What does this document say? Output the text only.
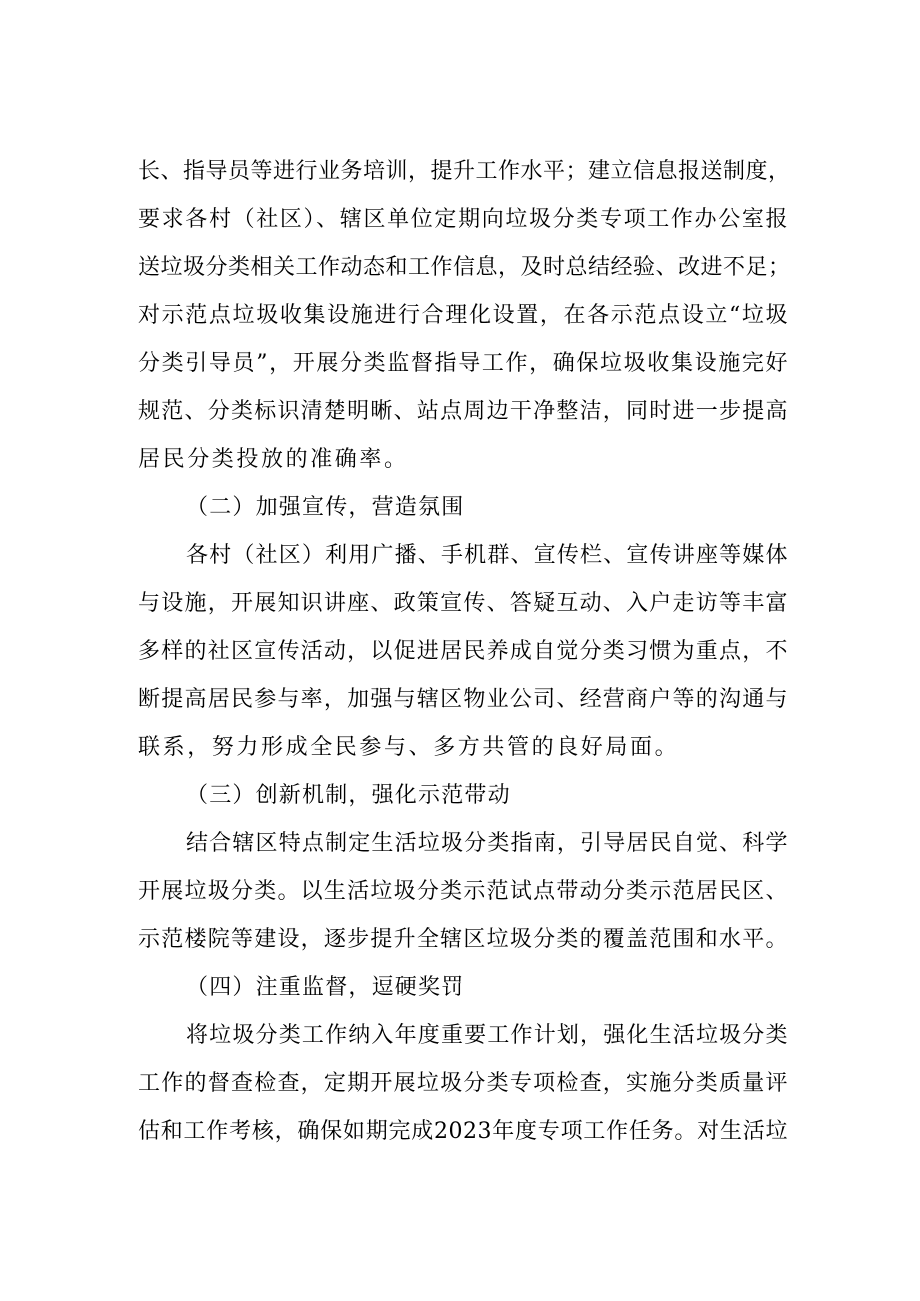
长、指导员等进行业务培训，提升工作水平；建立信息报送制度，
要求各村（社区）、辖区单位定期向垃圾分类专项工作办公室报
送垃圾分类相关工作动态和工作信息，及时总结经验、改进不足；
对示范点垃圾收集设施进行合理化设置，在各示范点设立“垃圾
分类引导员”，开展分类监督指导工作，确保垃圾收集设施完好
规范、分类标识清楚明晰、站点周边干净整洁，同时进一步提高
居民分类投放的准确率。
（二）加强宣传，营造氛围
各村（社区）利用广播、手机群、宣传栏、宣传讲座等媒体
与设施，开展知识讲座、政策宣传、答疑互动、入户走访等丰富
多样的社区宣传活动，以促进居民养成自觉分类习惯为重点，不
断提高居民参与率，加强与辖区物业公司、经营商户等的沟通与
联系，努力形成全民参与、多方共管的良好局面。
（三）创新机制，强化示范带动
结合辖区特点制定生活垃圾分类指南，引导居民自觉、科学
开展垃圾分类。以生活垃圾分类示范试点带动分类示范居民区、
示范楼院等建设，逐步提升全辖区垃圾分类的覆盖范围和水平。
（四）注重监督，逗硬奖罚
将垃圾分类工作纳入年度重要工作计划，强化生活垃圾分类
工作的督查检查，定期开展垃圾分类专项检查，实施分类质量评
估和工作考核，确保如期完成2023年度专项工作任务。对生活垃
